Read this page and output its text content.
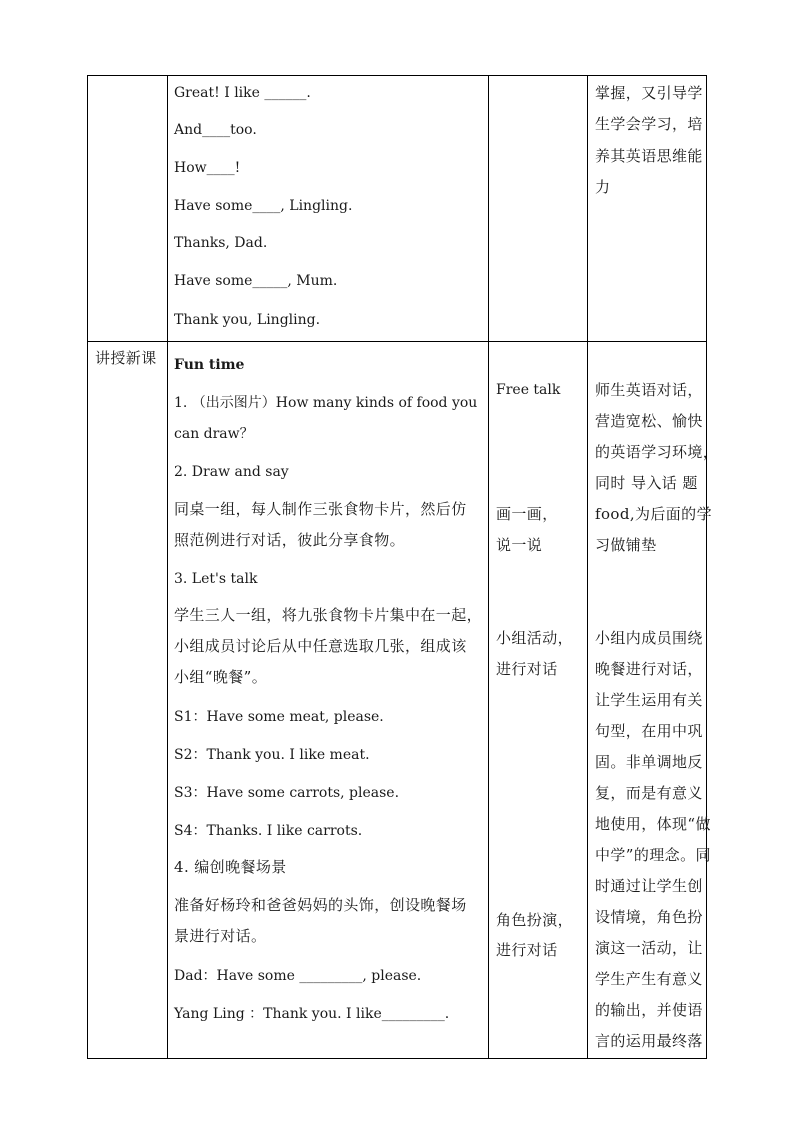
Great! I like ______.
And____too.
How____!
Have some____, Lingling.
Thanks, Dad.
Have some_____, Mum.
Thank you, Lingling.
掌握，又引导学
生学会学习，培
养其英语思维能
力
讲授新课 Fun time
1. （出示图片）How many kinds of food you
can draw？
2. Draw and say
同桌一组，每人制作三张食物卡片，然后仿
照范例进行对话，彼此分享食物。
3. Let's talk
学生三人一组，将九张食物卡片集中在一起，
小组成员讨论后从中任意选取几张，组成该
小组“晚餐”。
S1：Have some meat, please.
S2：Thank you. I like meat.
S3：Have some carrots, please.
S4：Thanks. I like carrots.
4. 编创晚餐场景
准备好杨玲和爸爸妈妈的头饰，创设晚餐场
景进行对话。
Dad：Have some _________, please.
Yang Ling ：Thank you. I like_________.
Free talk
画一画，
说一说
小组活动，
进行对话
角色扮演，
进行对话
师生英语对话，
营造宽松、愉快
的英语学习环境，
同时 导入话 题
food,为后面的学
习做铺垫
小组内成员围绕
晚餐进行对话，
让学生运用有关
句型，在用中巩
固。非单调地反
复，而是有意义
地使用，体现“做
中学”的理念。同
时通过让学生创
设情境，角色扮
演这一活动，让
学生产生有意义
的输出，并使语
言的运用最终落
